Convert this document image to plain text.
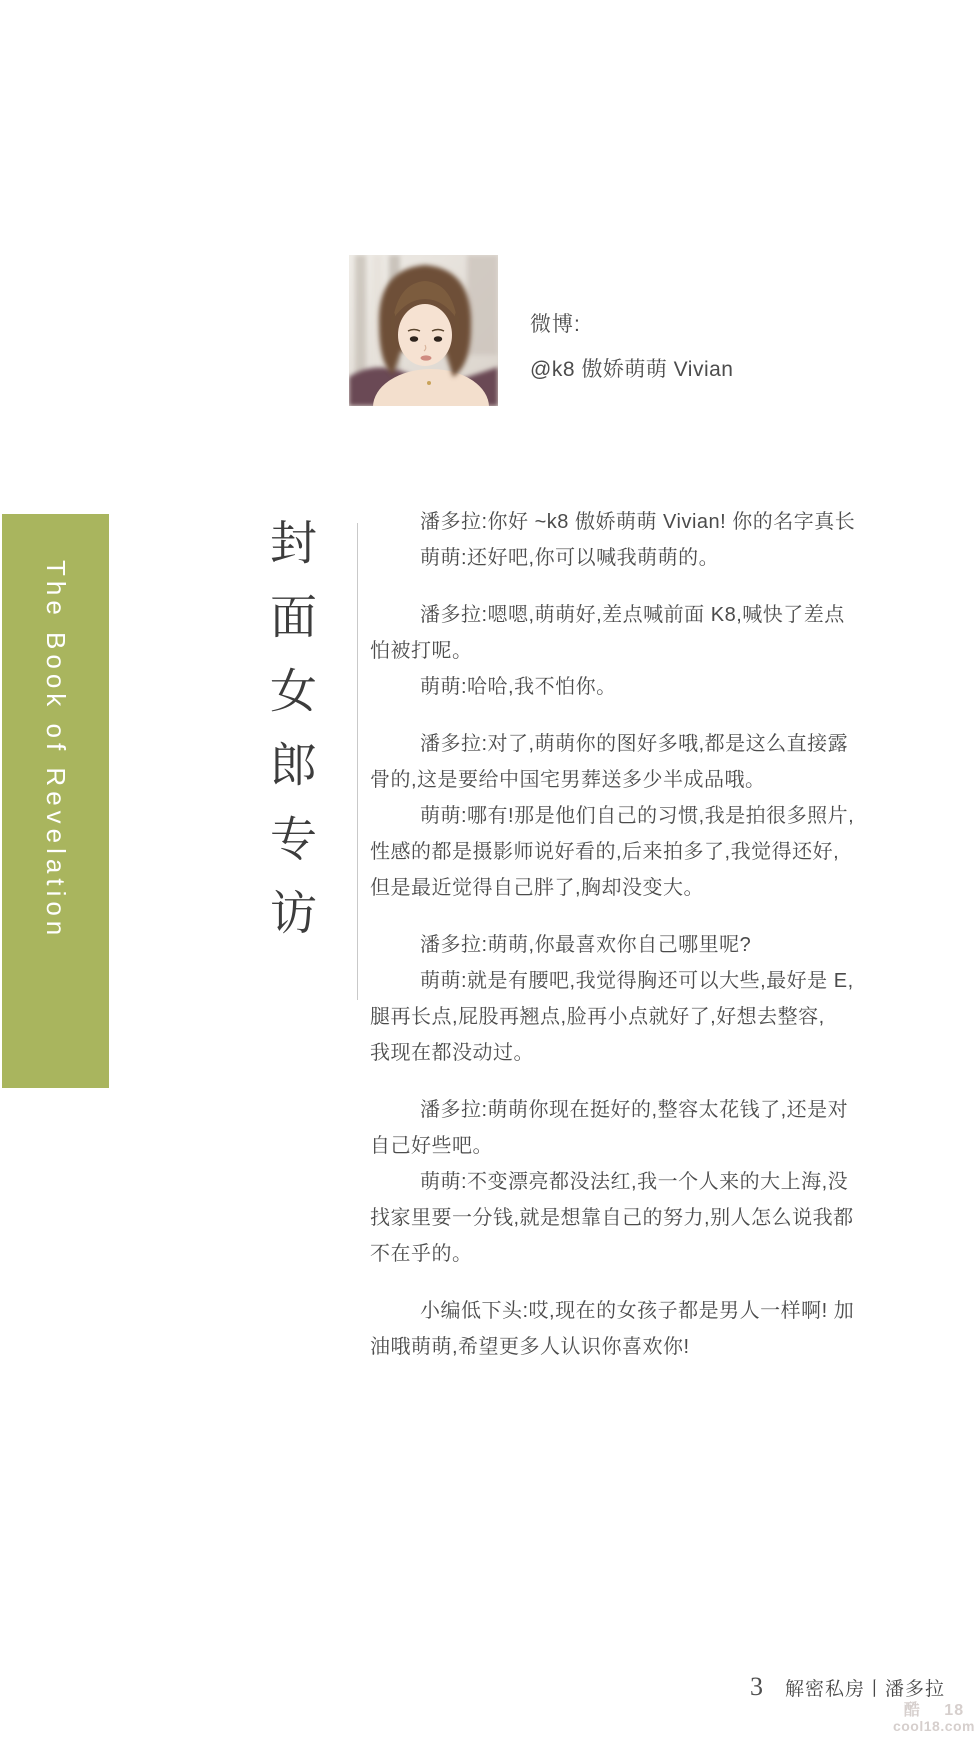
微博:
@k8 傲娇萌萌 Vivian
The Book of Revelation	封面女郎专访	潘多拉:你好 ~k8 傲娇萌萌 Vivian! 你的名字真长
萌萌:还好吧,你可以喊我萌萌的。
潘多拉:嗯嗯,萌萌好,差点喊前面 K8,喊快了差点
怕被打呢。
萌萌:哈哈,我不怕你。
潘多拉:对了,萌萌你的图好多哦,都是这么直接露
骨的,这是要给中国宅男葬送多少半成品哦。
萌萌:哪有!那是他们自己的习惯,我是拍很多照片,
性感的都是摄影师说好看的,后来拍多了,我觉得还好,
但是最近觉得自己胖了,胸却没变大。
潘多拉:萌萌,你最喜欢你自己哪里呢?
萌萌:就是有腰吧,我觉得胸还可以大些,最好是 E,
腿再长点,屁股再翘点,脸再小点就好了,好想去整容,
我现在都没动过。
潘多拉:萌萌你现在挺好的,整容太花钱了,还是对
自己好些吧。
萌萌:不变漂亮都没法红,我一个人来的大上海,没
找家里要一分钱,就是想靠自己的努力,别人怎么说我都
不在乎的。
小编低下头:哎,现在的女孩子都是男人一样啊! 加
油哦萌萌,希望更多人认识你喜欢你!
3 解密私房丨潘多拉
酷 18
cool18.com
